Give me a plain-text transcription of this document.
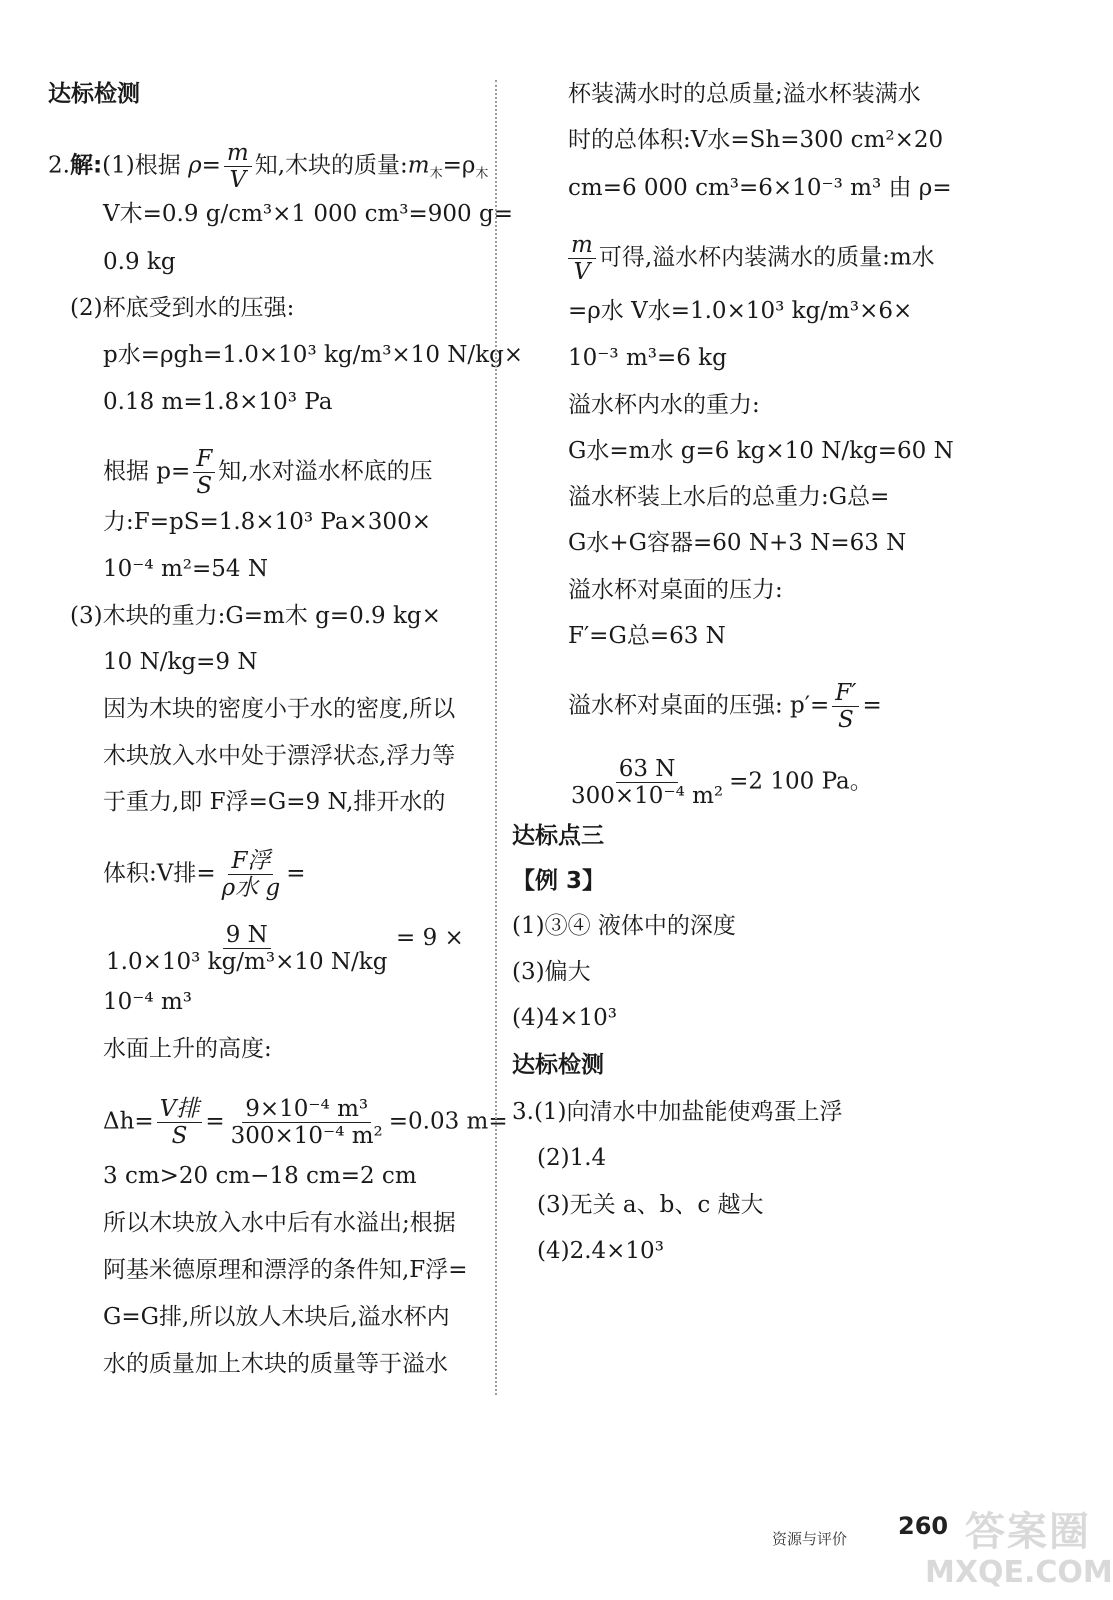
达标检测
2.解:(1)根据 $\rho= \frac{m}{V}$ 知,木块的质量$:m_木=\rho_木$
V木=0.9 g/cm³×1 000 cm³=900 g=
0.9 kg
(2)杯底受到水的压强:
p水=ρgh=1.0×10³ kg/m³×10 N/kg×
0.18 m=1.8×10³ Pa
根据 $p= \frac{F}{S}$ 知,水对溢水杯底的压
力:F=pS=1.8×10³ Pa×300×
10⁻⁴ m²=54 N
(3)木块的重力:G=m木 g=0.9 kg×
10 N/kg=9 N
因为木块的密度小于水的密度,所以
木块放入水中处于漂浮状态,浮力等
于重力,即 F浮=G=9 N,排开水的
体积:V排= F浮
ρ水 g
=
$\frac{9 N}{\text{1.0×10³ kg/m³×10 N/kg}} = 9$ ×
10⁻⁴ m³
水面上升的高度:
Δh= V排
S
= $\frac{\text{9×10⁻⁴ m³}}{\text{300×10⁻⁴ m²}} =0.03$ m=
3 cm>20 cm−18 cm=2 cm
所以木块放入水中后有水溢出;根据
阿基米德原理和漂浮的条件知,F浮=
G=G排,所以放人木块后,溢水杯内
水的质量加上木块的质量等于溢水
杯装满水时的总质量;溢水杯装满水
时的总体积:V水=Sh=300 cm²×20
cm=6 000 cm³=6×10⁻³ m³ 由 ρ=
$\frac{m}{V}$ 可得,溢水杯内装满水的质量:m水
=ρ水 V水=1.0×10³ kg/m³×6×
10⁻³ m³=6 kg
溢水杯内水的重力:
G水=m水 g=6 kg×10 N/kg=60 N
溢水杯装上水后的总重力:G总=
G水+G容器=60 N+3 N=63 N
溢水杯对桌面的压力:
F′=G总=63 N
溢水杯对桌面的压强: $p'= \frac{F'}{S}$ =
$\frac{63 N}{\text{300×10⁻⁴ m²}} =2$ 100 Pa。
达标点三
【例 3】
(1)③④ 液体中的深度
(3)偏大
(4)4×10³
达标检测
3.(1)向清水中加盐能使鸡蛋上浮
(2)1.4
(3)无关 a、b、c 越大
(4)2.4×10³
资源与评价 260 答案圈
MXQE.COM
